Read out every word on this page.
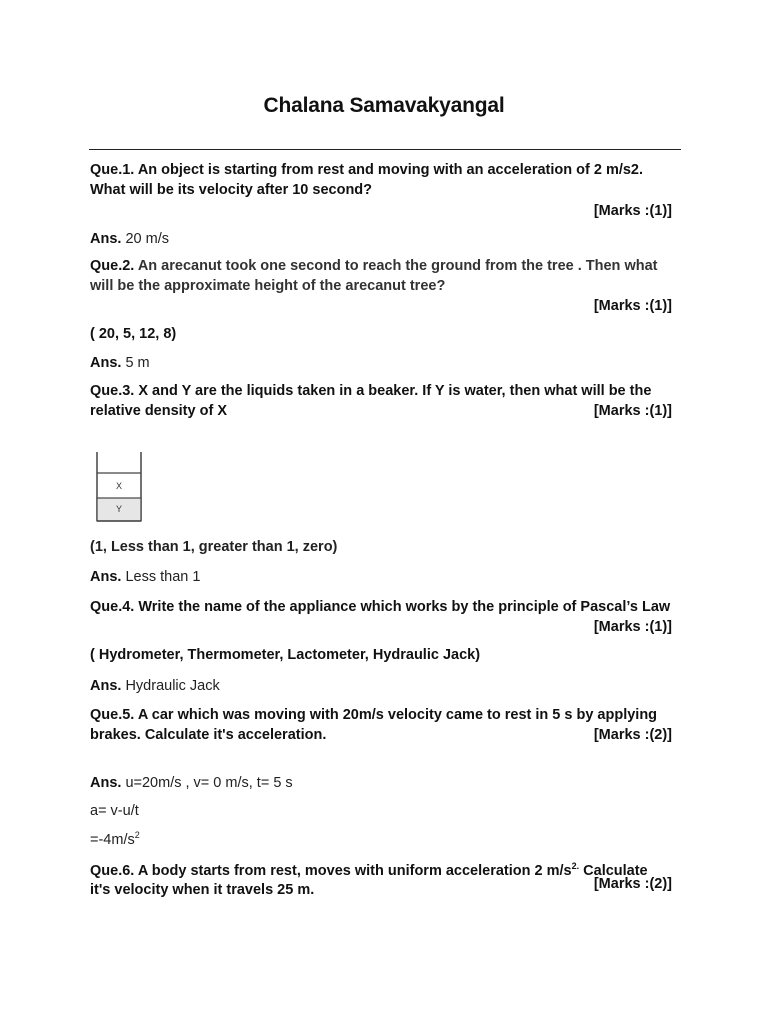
Chalana Samavakyangal
Que.1. An object is starting from rest and moving with an acceleration of 2 m/s2. What will be its velocity after 10 second?
[Marks :(1)]
Ans. 20 m/s
Que.2. An arecanut took one second to reach the ground from the tree . Then what will be the approximate height of the arecanut tree?
[Marks :(1)]
( 20, 5, 12, 8)
Ans. 5 m
Que.3. X and Y are the liquids taken in a beaker. If Y is water, then what will be the relative density of X	[Marks :(1)]
X
Y
(1, Less than 1, greater than 1, zero)
Ans. Less than 1
Que.4. Write the name of the appliance which works by the principle of Pascal’s Law
[Marks :(1)]
( Hydrometer, Thermometer, Lactometer, Hydraulic Jack)
Ans. Hydraulic Jack
Que.5. A car which was moving with 20m/s velocity came to rest in 5 s by applying brakes. Calculate it's acceleration.	[Marks :(2)]
Ans. u=20m/s , v= 0 m/s, t= 5 s
a= v-u/t
$=-4m/s^2$
Que.6. A body starts from rest, moves with uniform acceleration 2 $m/s^{2.}$ Calculate it's velocity when it travels 25 m.	[Marks :(2)]
